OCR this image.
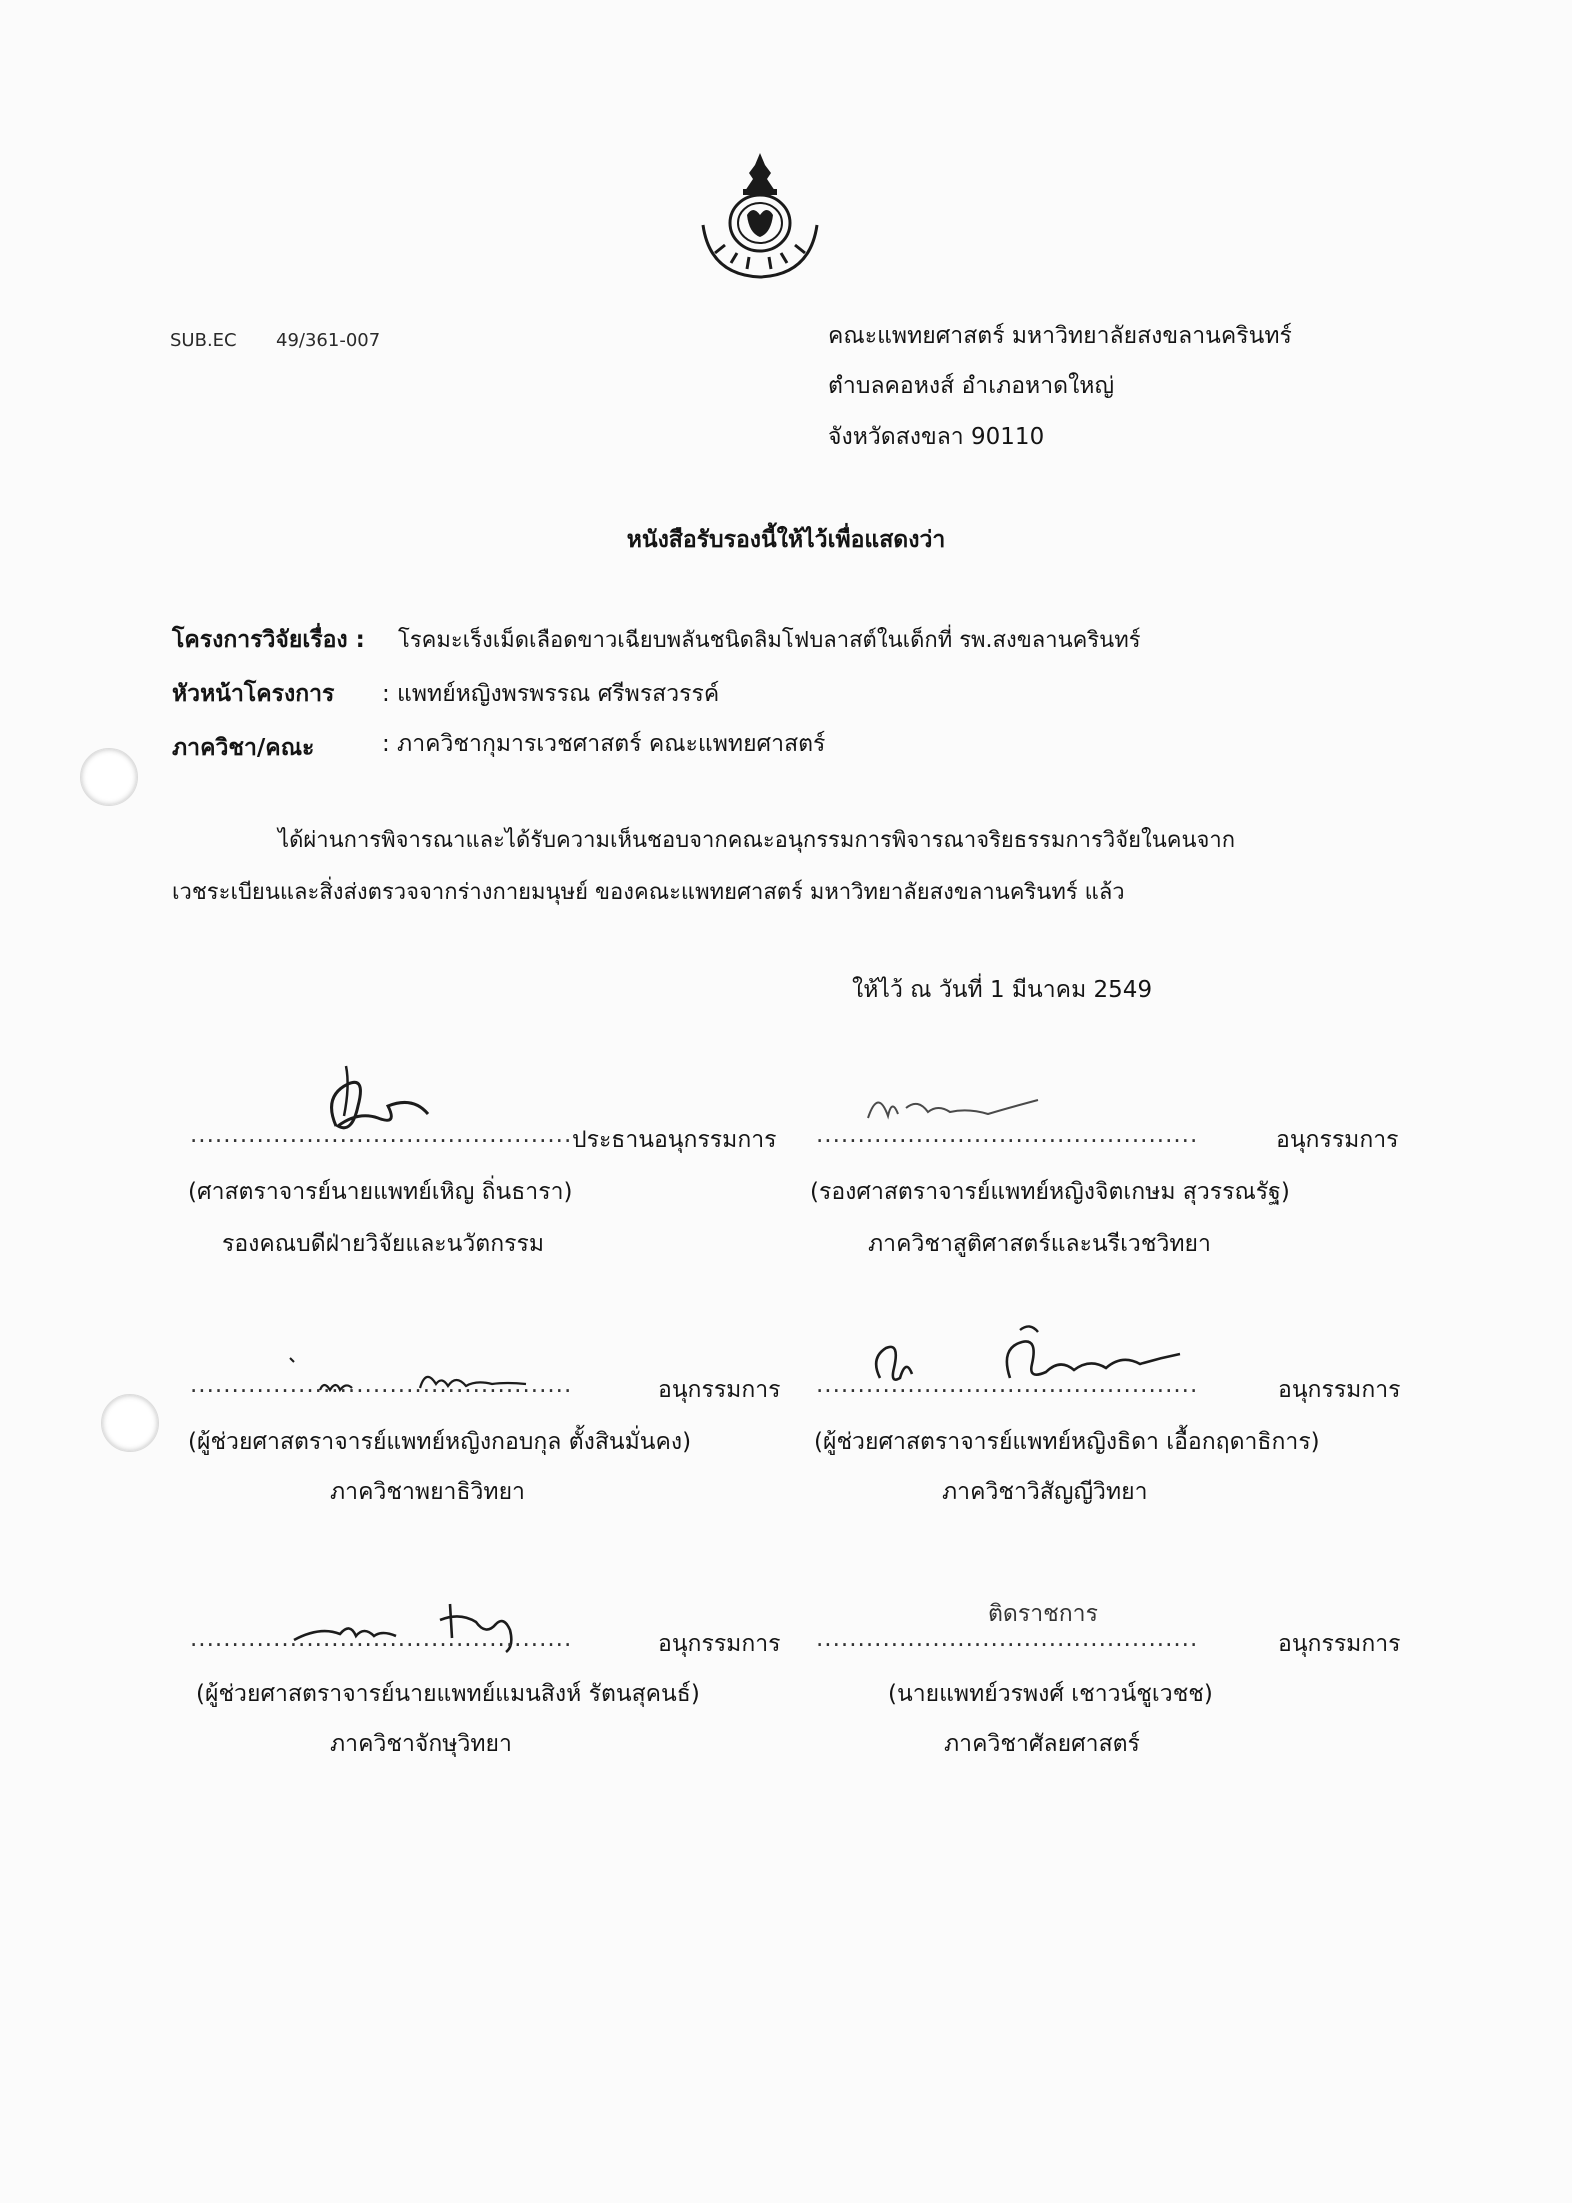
SUB.EC 49/361-007	คณะแพทยศาสตร์ มหาวิทยาลัยสงขลานครินทร์
ตำบลคอหงส์ อำเภอหาดใหญ่
จังหวัดสงขลา 90110
หนังสือรับรองนี้ให้ไว้เพื่อแสดงว่า
โครงการวิจัยเรื่อง : โรคมะเร็งเม็ดเลือดขาวเฉียบพลันชนิดลิมโฟบลาสต์ในเด็กที่ รพ.สงขลานครินทร์
หัวหน้าโครงการ : แพทย์หญิงพรพรรณ ศรีพรสวรรค์
ภาควิชา/คณะ	: ภาควิชากุมารเวชศาสตร์ คณะแพทยศาสตร์
ได้ผ่านการพิจารณาและได้รับความเห็นชอบจากคณะอนุกรรมการพิจารณาจริยธรรมการวิจัยในคนจาก
เวชระเบียนและสิ่งส่งตรวจจากร่างกายมนุษย์ ของคณะแพทยศาสตร์ มหาวิทยาลัยสงขลานครินทร์ แล้ว
ให้ไว้ ณ วันที่ 1 มีนาคม 2549
.............................................. ประธานอนุกรรมการ
(ศาสตราจารย์นายแพทย์เหิญ ถิ่นธารา)
รองคณบดีฝ่ายวิจัยและนวัตกรรม
..............................................	อนุกรรมการ
(รองศาสตราจารย์แพทย์หญิงจิตเกษม สุวรรณรัฐ)
ภาควิชาสูติศาสตร์และนรีเวชวิทยา
..............................................	อนุกรรมการ
(ผู้ช่วยศาสตราจารย์แพทย์หญิงกอบกุล ตั้งสินมั่นคง)
ภาควิชาพยาธิวิทยา
..............................................	อนุกรรมการ
(ผู้ช่วยศาสตราจารย์แพทย์หญิงธิดา เอื้อกฤดาธิการ)
ภาควิชาวิสัญญีวิทยา
..............................................	อนุกรรมการ
(ผู้ช่วยศาสตราจารย์นายแพทย์แมนสิงห์ รัตนสุคนธ์)
ภาควิชาจักษุวิทยา
ติดราชการ
..............................................	อนุกรรมการ
(นายแพทย์วรพงศ์ เชาวน์ชูเวชช)
ภาควิชาศัลยศาสตร์
